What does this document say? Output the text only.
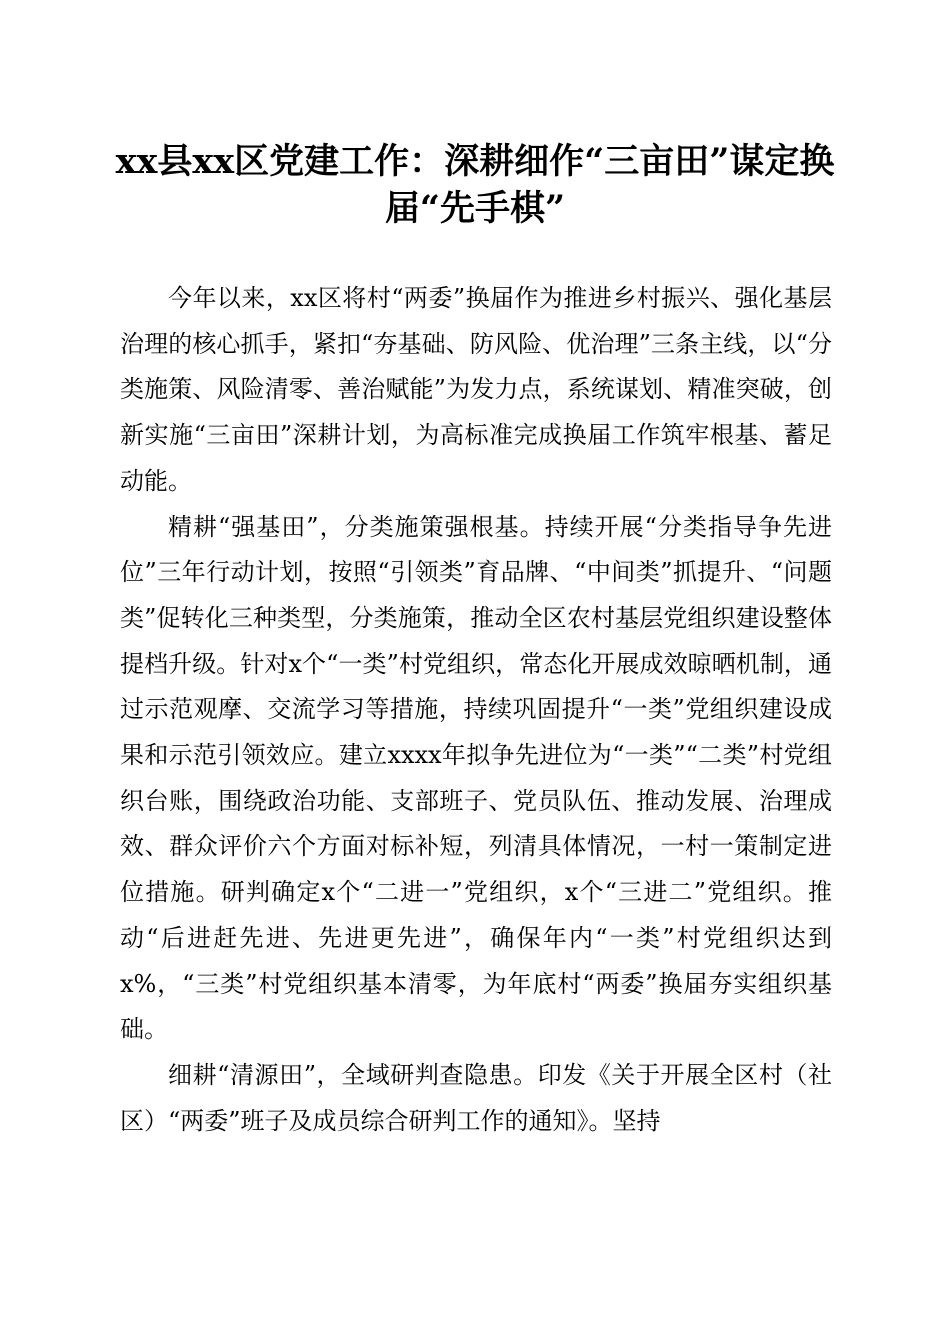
xx县xx区党建工作：深耕细作“三亩田”谋定换届“先手棋”

今年以来，xx区将村“两委”换届作为推进乡村振兴、强化基层治理的核心抓手，紧扣“夯基础、防风险、优治理”三条主线，以“分类施策、风险清零、善治赋能”为发力点，系统谋划、精准突破，创新实施“三亩田”深耕计划，为高标准完成换届工作筑牢根基、蓄足动能。

精耕“强基田”，分类施策强根基。持续开展“分类指导争先进位”三年行动计划，按照“引领类”育品牌、“中间类”抓提升、“问题类”促转化三种类型，分类施策，推动全区农村基层党组织建设整体提档升级。针对x个“一类”村党组织，常态化开展成效晾晒机制，通过示范观摩、交流学习等措施，持续巩固提升“一类”党组织建设成果和示范引领效应。建立xxxx年拟争先进位为“一类”“二类”村党组织台账，围绕政治功能、支部班子、党员队伍、推动发展、治理成效、群众评价六个方面对标补短，列清具体情况，一村一策制定进位措施。研判确定x个“二进一”党组织，x个“三进二”党组织。推动“后进赶先进、先进更先进”，确保年内“一类”村党组织达到x%，“三类”村党组织基本清零，为年底村“两委”换届夯实组织基础。

细耕“清源田”，全域研判查隐患。印发《关于开展全区村（社区）“两委”班子及成员综合研判工作的通知》。坚持
